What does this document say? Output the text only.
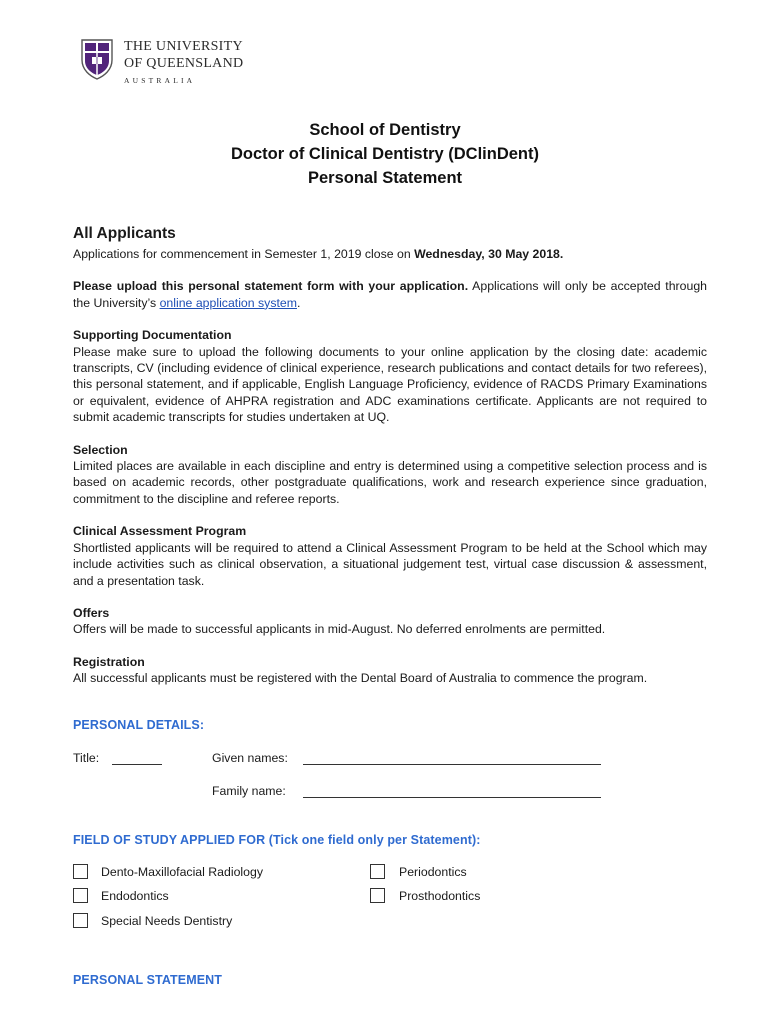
THE UNIVERSITY
OF QUEENSLAND
AUSTRALIA
School of Dentistry
Doctor of Clinical Dentistry (DClinDent)
Personal Statement
All Applicants

Applications for commencement in Semester 1, 2019 close on Wednesday, 30 May 2018.

Please upload this personal statement form with your application. Applications will only be accepted through the University’s online application system.

Supporting Documentation

Please make sure to upload the following documents to your online application by the closing date: academic transcripts, CV (including evidence of clinical experience, research publications and contact details for two referees), this personal statement, and if applicable, English Language Proficiency, evidence of RACDS Primary Examinations or equivalent, evidence of AHPRA registration and ADC examinations certificate. Applicants are not required to submit academic transcripts for studies undertaken at UQ.

Selection

Limited places are available in each discipline and entry is determined using a competitive selection process and is based on academic records, other postgraduate qualifications, work and research experience since graduation, commitment to the discipline and referee reports.

Clinical Assessment Program

Shortlisted applicants will be required to attend a Clinical Assessment Program to be held at the School which may include activities such as clinical observation, a situational judgement test, virtual case discussion & assessment, and a presentation task.

Offers

Offers will be made to successful applicants in mid-August. No deferred enrolments are permitted.

Registration

All successful applicants must be registered with the Dental Board of Australia to commence the program.

PERSONAL DETAILS:
Title:	Given names:
Family name:
FIELD OF STUDY APPLIED FOR (Tick one field only per Statement):
Dento-Maxillofacial Radiology	Periodontics
Endodontics	Prosthodontics
Special Needs Dentistry
PERSONAL STATEMENT
